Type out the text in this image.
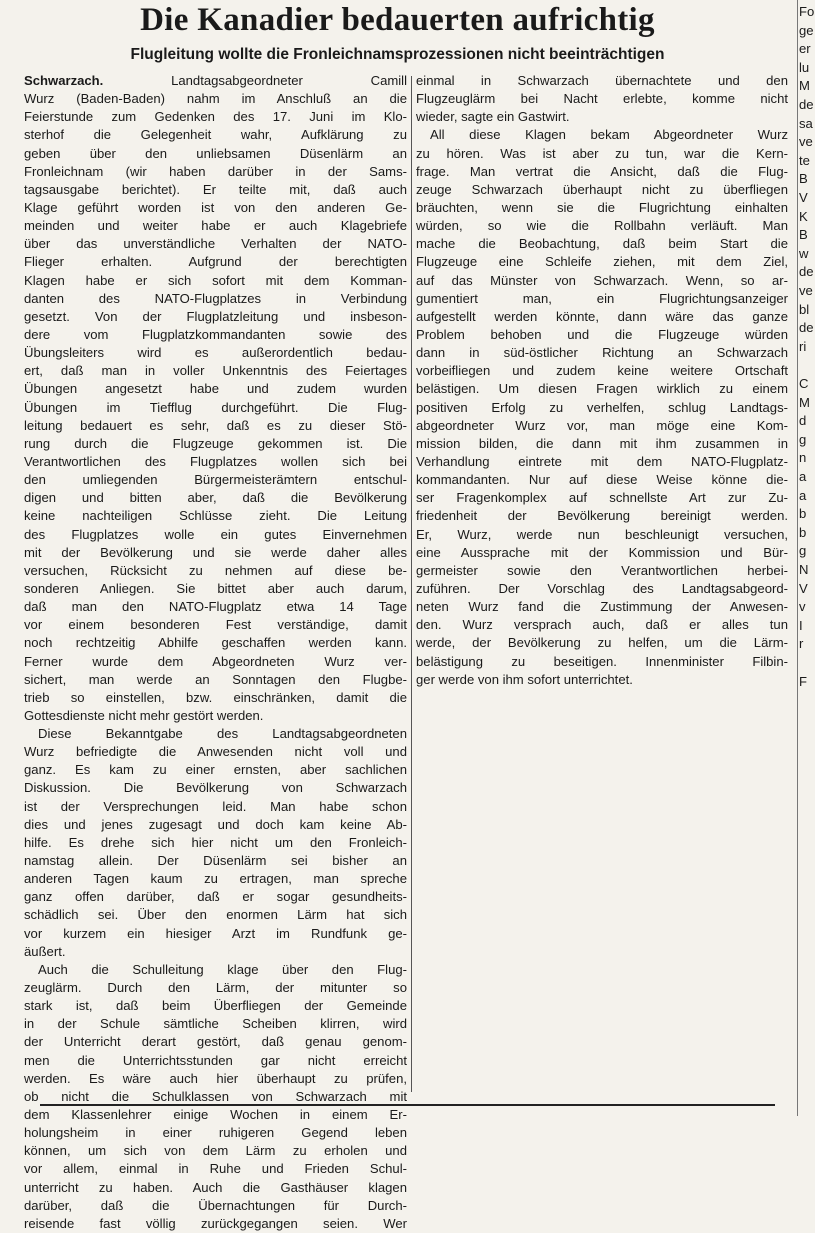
Die Kanadier bedauerten aufrichtig
Flugleitung wollte die Fronleichnamsprozessionen nicht beeinträchtigen
Schwarzach. Landtagsabgeordneter Camill
Wurz (Baden-Baden) nahm im Anschluß an die
Feierstunde zum Gedenken des 17. Juni im Klo-
sterhof die Gelegenheit wahr, Aufklärung zu
geben über den unliebsamen Düsenlärm an
Fronleichnam (wir haben darüber in der Sams-
tagsausgabe berichtet). Er teilte mit, daß auch
Klage geführt worden ist von den anderen Ge-
meinden und weiter habe er auch Klagebriefe
über das unverständliche Verhalten der NATO-
Flieger erhalten. Aufgrund der berechtigten
Klagen habe er sich sofort mit dem Komman-
danten des NATO-Flugplatzes in Verbindung
gesetzt. Von der Flugplatzleitung und insbeson-
dere vom Flugplatzkommandanten sowie des
Übungsleiters wird es außerordentlich bedau-
ert, daß man in voller Unkenntnis des Feiertages
Übungen angesetzt habe und zudem wurden
Übungen im Tiefflug durchgeführt. Die Flug-
leitung bedauert es sehr, daß es zu dieser Stö-
rung durch die Flugzeuge gekommen ist. Die
Verantwortlichen des Flugplatzes wollen sich bei
den umliegenden Bürgermeisterämtern entschul-
digen und bitten aber, daß die Bevölkerung
keine nachteiligen Schlüsse zieht. Die Leitung
des Flugplatzes wolle ein gutes Einvernehmen
mit der Bevölkerung und sie werde daher alles
versuchen, Rücksicht zu nehmen auf diese be-
sonderen Anliegen. Sie bittet aber auch darum,
daß man den NATO-Flugplatz etwa 14 Tage
vor einem besonderen Fest verständige, damit
noch rechtzeitig Abhilfe geschaffen werden kann.
Ferner wurde dem Abgeordneten Wurz ver-
sichert, man werde an Sonntagen den Flugbe-
trieb so einstellen, bzw. einschränken, damit die
Gottesdienste nicht mehr gestört werden.
Diese Bekanntgabe des Landtagsabgeordneten
Wurz befriedigte die Anwesenden nicht voll und
ganz. Es kam zu einer ernsten, aber sachlichen
Diskussion. Die Bevölkerung von Schwarzach
ist der Versprechungen leid. Man habe schon
dies und jenes zugesagt und doch kam keine Ab-
hilfe. Es drehe sich hier nicht um den Fronleich-
namstag allein. Der Düsenlärm sei bisher an
anderen Tagen kaum zu ertragen, man spreche
ganz offen darüber, daß er sogar gesundheits-
schädlich sei. Über den enormen Lärm hat sich
vor kurzem ein hiesiger Arzt im Rundfunk ge-
äußert.
Auch die Schulleitung klage über den Flug-
zeuglärm. Durch den Lärm, der mitunter so
stark ist, daß beim Überfliegen der Gemeinde
in der Schule sämtliche Scheiben klirren, wird
der Unterricht derart gestört, daß genau genom-
men die Unterrichtsstunden gar nicht erreicht
werden. Es wäre auch hier überhaupt zu prüfen,
ob nicht die Schulklassen von Schwarzach mit
dem Klassenlehrer einige Wochen in einem Er-
holungsheim in einer ruhigeren Gegend leben
können, um sich von dem Lärm zu erholen und
vor allem, einmal in Ruhe und Frieden Schul-
unterricht zu haben. Auch die Gasthäuser klagen
darüber, daß die Übernachtungen für Durch-
reisende fast völlig zurückgegangen seien. Wer
einmal in Schwarzach übernachtete und den
Flugzeuglärm bei Nacht erlebte, komme nicht
wieder, sagte ein Gastwirt.
All diese Klagen bekam Abgeordneter Wurz
zu hören. Was ist aber zu tun, war die Kern-
frage. Man vertrat die Ansicht, daß die Flug-
zeuge Schwarzach überhaupt nicht zu überfliegen
bräuchten, wenn sie die Flugrichtung einhalten
würden, so wie die Rollbahn verläuft. Man
mache die Beobachtung, daß beim Start die
Flugzeuge eine Schleife ziehen, mit dem Ziel,
auf das Münster von Schwarzach. Wenn, so ar-
gumentiert man, ein Flugrichtungsanzeiger
aufgestellt werden könnte, dann wäre das ganze
Problem behoben und die Flugzeuge würden
dann in süd-östlicher Richtung an Schwarzach
vorbeifliegen und zudem keine weitere Ortschaft
belästigen. Um diesen Fragen wirklich zu einem
positiven Erfolg zu verhelfen, schlug Landtags-
abgeordneter Wurz vor, man möge eine Kom-
mission bilden, die dann mit ihm zusammen in
Verhandlung eintrete mit dem NATO-Flugplatz-
kommandanten. Nur auf diese Weise könne die-
ser Fragenkomplex auf schnellste Art zur Zu-
friedenheit der Bevölkerung bereinigt werden.
Er, Wurz, werde nun beschleunigt versuchen,
eine Aussprache mit der Kommission und Bür-
germeister sowie den Verantwortlichen herbei-
zuführen. Der Vorschlag des Landtagsabgeord-
neten Wurz fand die Zustimmung der Anwesen-
den. Wurz versprach auch, daß er alles tun
werde, der Bevölkerung zu helfen, um die Lärm-
belästigung zu beseitigen. Innenminister Filbin-
ger werde von ihm sofort unterrichtet.
Fo
ge
er
lu
M
de
sa
ve
te
B
V
K
B
w
de
ve
bl
de
ri
C
M
d
g
n
a
a
b
b
g
N
V
v
I
r
F
